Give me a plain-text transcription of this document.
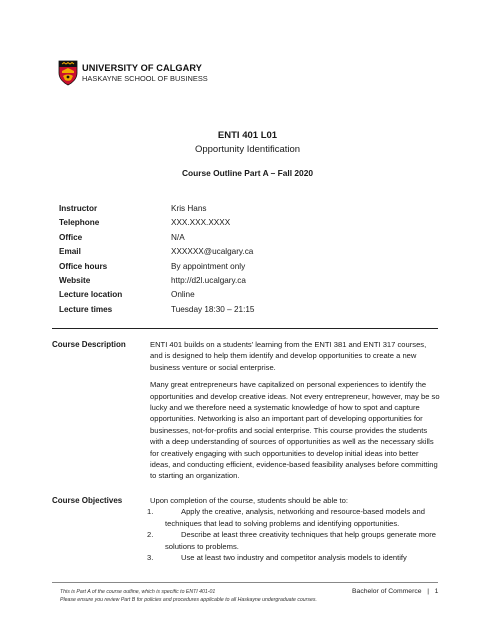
UNIVERSITY OF CALGARY
HASKAYNE SCHOOL OF BUSINESS
ENTI 401 L01
Opportunity Identification
Course Outline Part A – Fall 2020
Instructor	Kris Hans
Telephone	XXX.XXX.XXXX
Office	N/A
Email	XXXXXX@ucalgary.ca
Office hours	By appointment only
Website	http://d2l.ucalgary.ca
Lecture location	Online
Lecture times	Tuesday 18:30 – 21:15
Course Description	ENTI 401 builds on a students’ learning from the ENTI 381 and ENTI 317 courses, and is designed to help them identify and develop opportunities to create a new business venture or social enterprise.

Many great entrepreneurs have capitalized on personal experiences to identify the opportunities and develop creative ideas. Not every entrepreneur, however, may be so lucky and we therefore need a systematic knowledge of how to spot and capture opportunities. Networking is also an important part of developing opportunities for businesses, not-for-profits and social enterprise. This course provides the students with a deep understanding of sources of opportunities as well as the necessary skills for creatively engaging with such opportunities to develop initial ideas into better ideas, and conducting efficient, evidence-based feasibility analyses before committing to starting an organization.

Course Objectives	Upon completion of the course, students should be able to:
1.	Apply the creative, analysis, networking and resource-based models and techniques that lead to solving problems and identifying opportunities.
2.	Describe at least three creativity techniques that help groups generate more solutions to problems.
3.	Use at least two industry and competitor analysis models to identify
This is Part A of the course outline, which is specific to ENTI 401-01
Please ensure you review Part B for policies and procedures applicable to all Haskayne undergraduate courses.
Bachelor of Commerce | 1
